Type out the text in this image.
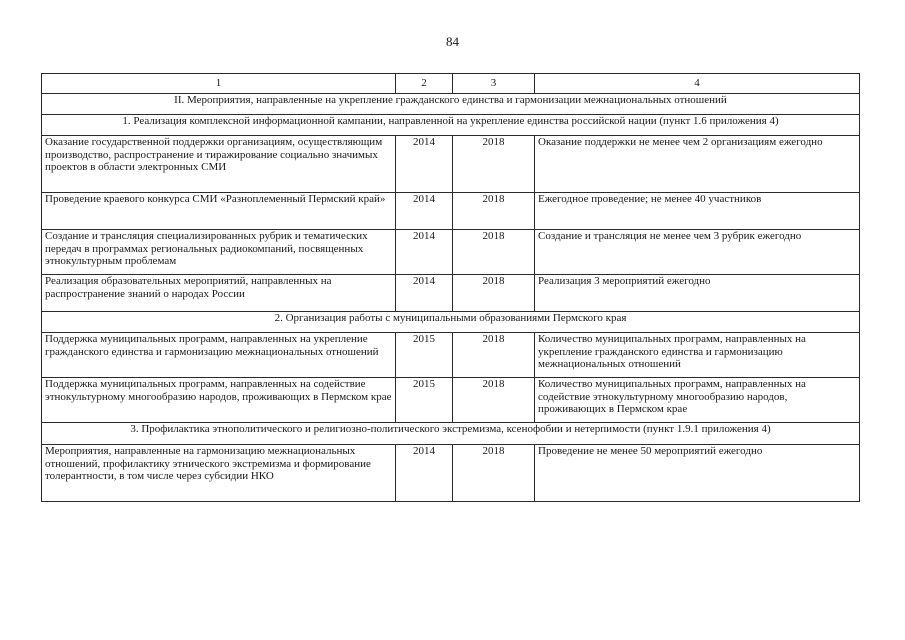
84
1	2	3	4
II. Мероприятия, направленные на укрепление гражданского единства и гармонизации межнациональных отношений			
1. Реализация комплексной информационной кампании, направленной на укрепление единства российской нации (пункт 1.6 приложения 4)			
Оказание государственной поддержки организациям, осуществляющим производство, распространение и тиражирование социально значимых проектов в области электронных СМИ	2014	2018	Оказание поддержки не менее чем 2 организациям ежегодно
Проведение краевого конкурса СМИ «Разноплеменный Пермский край»	2014	2018	Ежегодное проведение; не менее 40 участников
Создание и трансляция специализированных рубрик и тематических передач в программах региональных радиокомпаний, посвященных этнокультурным проблемам	2014	2018	Создание и трансляция не менее чем 3 рубрик ежегодно
Реализация образовательных мероприятий, направленных на распространение знаний о народах России	2014	2018	Реализация 3 мероприятий ежегодно
2. Организация работы с муниципальными образованиями Пермского края			
Поддержка муниципальных программ, направленных на укрепление гражданского единства и гармонизацию межнациональных отношений	2015	2018	Количество муниципальных программ, направленных на укрепление гражданского единства и гармонизацию межнациональных отношений
Поддержка муниципальных программ, направленных на содействие этнокультурному многообразию народов, проживающих в Пермском крае	2015	2018	Количество муниципальных программ, направленных на содействие этнокультурному многообразию народов, проживающих в Пермском крае
3. Профилактика этнополитического и религиозно-политического экстремизма, ксенофобии и нетерпимости (пункт 1.9.1 приложения 4)			
Мероприятия, направленные на гармонизацию межнациональных отношений, профилактику этнического экстремизма и формирование толерантности, в том числе через субсидии НКО	2014	2018	Проведение не менее 50 мероприятий ежегодно
